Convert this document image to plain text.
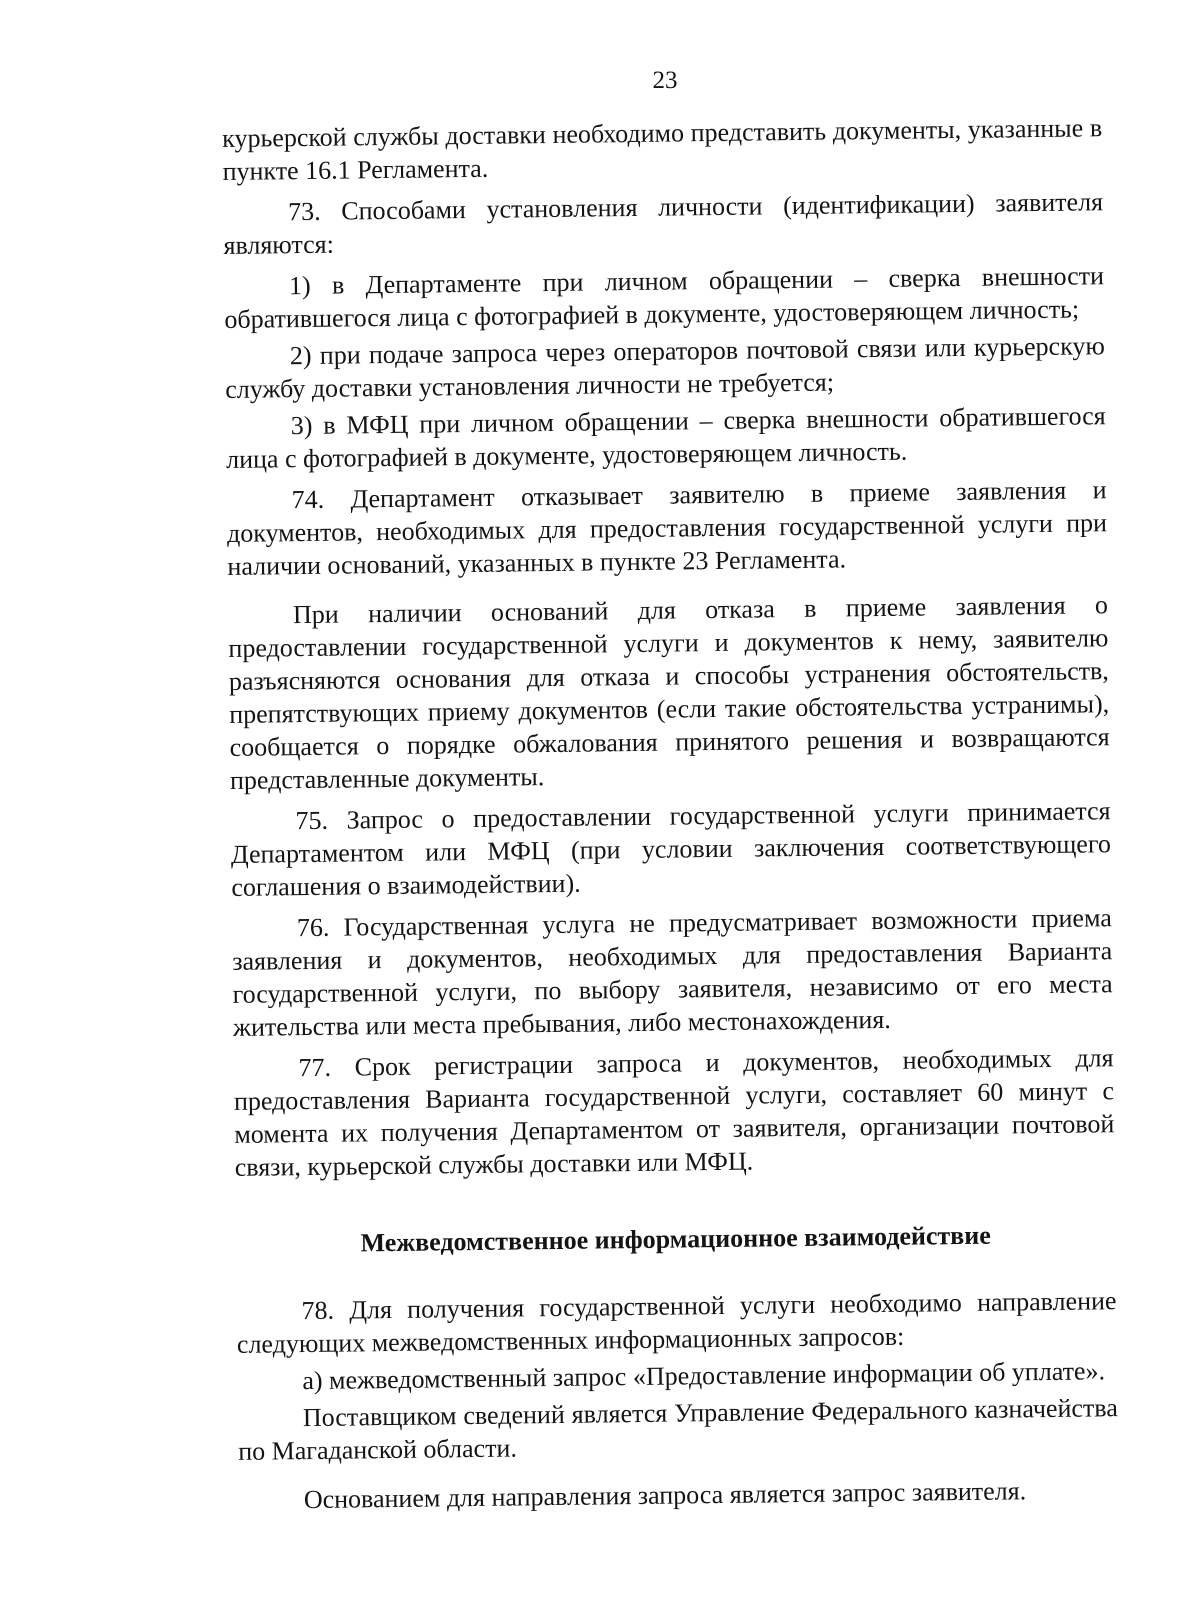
23

курьерской службы доставки необходимо представить документы, указанные в пункте 16.1 Регламента.

73. Способами установления личности (идентификации) заявителя являются:

1) в Департаменте при личном обращении – сверка внешности обратившегося лица с фотографией в документе, удостоверяющем личность;

2) при подаче запроса через операторов почтовой связи или курьерскую службу доставки установления личности не требуется;

3) в МФЦ при личном обращении – сверка внешности обратившегося лица с фотографией в документе, удостоверяющем личность.

74. Департамент отказывает заявителю в приеме заявления и документов, необходимых для предоставления государственной услуги при наличии оснований, указанных в пункте 23 Регламента.

При наличии оснований для отказа в приеме заявления о предоставлении государственной услуги и документов к нему, заявителю разъясняются основания для отказа и способы устранения обстоятельств, препятствующих приему документов (если такие обстоятельства устранимы), сообщается о порядке обжалования принятого решения и возвращаются представленные документы.

75. Запрос о предоставлении государственной услуги принимается Департаментом или МФЦ (при условии заключения соответствующего соглашения о взаимодействии).

76. Государственная услуга не предусматривает возможности приема заявления и документов, необходимых для предоставления Варианта государственной услуги, по выбору заявителя, независимо от его места жительства или места пребывания, либо местонахождения.

77. Срок регистрации запроса и документов, необходимых для предоставления Варианта государственной услуги, составляет 60 минут с момента их получения Департаментом от заявителя, организации почтовой связи, курьерской службы доставки или МФЦ.

Межведомственное информационное взаимодействие

78. Для получения государственной услуги необходимо направление следующих межведомственных информационных запросов:

а) межведомственный запрос «Предоставление информации об уплате».

Поставщиком сведений является Управление Федерального казначейства по Магаданской области.

Основанием для направления запроса является запрос заявителя.
